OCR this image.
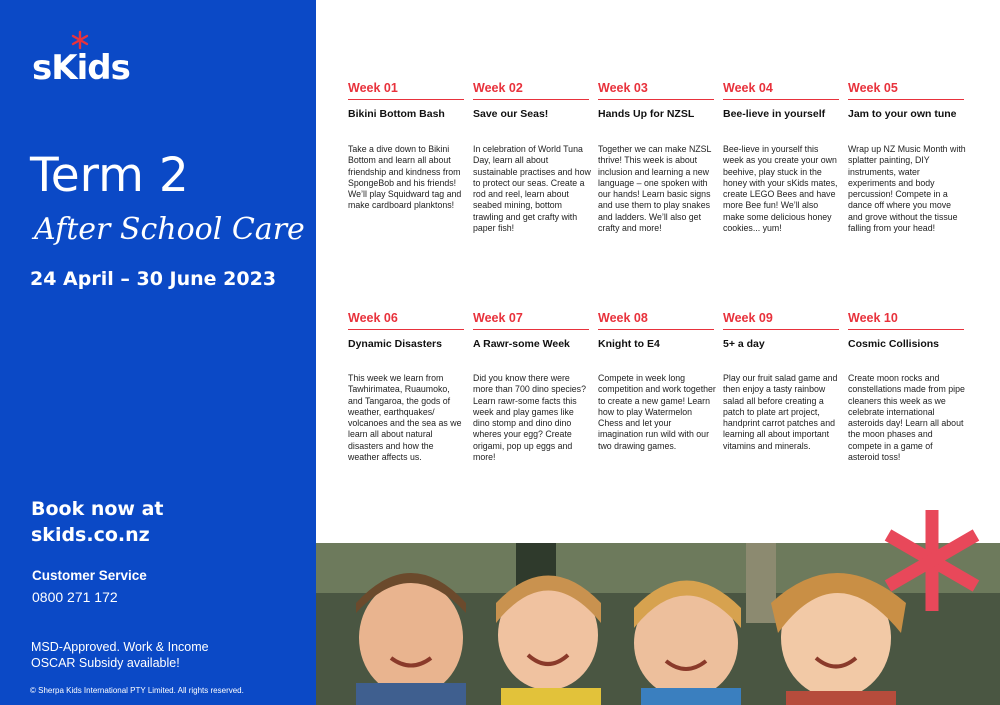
sKids
Term 2
After School Care
24 April – 30 June 2023
Book now at
skids.co.nz
Customer Service
0800 271 172
MSD-Approved. Work & Income
OSCAR Subsidy available!
© Sherpa Kids International PTY Limited. All rights reserved.
Week 01
Bikini Bottom Bash
Take a dive down to Bikini Bottom and learn all about friendship and kindness from SpongeBob and his friends! We’ll play Squidward tag and make cardboard planktons!
Week 02
Save our Seas!
In celebration of World Tuna Day, learn all about sustainable practises and how to protect our seas. Create a rod and reel, learn about seabed mining, bottom trawling and get crafty with paper fish!
Week 03
Hands Up for NZSL
Together we can make NZSL thrive! This week is about inclusion and learning a new language – one spoken with our hands! Learn basic signs and use them to play snakes and ladders. We’ll also get crafty and more!
Week 04
Bee-lieve in yourself
Bee-lieve in yourself this week as you create your own beehive, play stuck in the honey with your sKids mates, create LEGO Bees and have more Bee fun! We’ll also make some delicious honey cookies... yum!
Week 05
Jam to your own tune
Wrap up NZ Music Month with splatter painting, DIY instruments, water experiments and body percussion! Compete in a dance off where you move and grove without the tissue falling from your head!
Week 06
Dynamic Disasters
This week we learn from Tawhirimatea, Ruaumoko, and Tangaroa, the gods of weather, earthquakes/ volcanoes and the sea as we learn all about natural disasters and how the weather affects us.
Week 07
A Rawr-some Week
Did you know there were more than 700 dino species? Learn rawr-some facts this week and play games like dino stomp and dino dino wheres your egg? Create origami, pop up eggs and more!
Week 08
Knight to E4
Compete in week long competition and work together to create a new game! Learn how to play Watermelon Chess and let your imagination run wild with our two drawing games.
Week 09
5+ a day
Play our fruit salad game and then enjoy a tasty rainbow salad all before creating a patch to plate art project, handprint carrot patches and learning all about important vitamins and minerals.
Week 10
Cosmic Collisions
Create moon rocks and constellations made from pipe cleaners this week as we celebrate international asteroids day! Learn all about the moon phases and compete in a game of asteroid toss!
